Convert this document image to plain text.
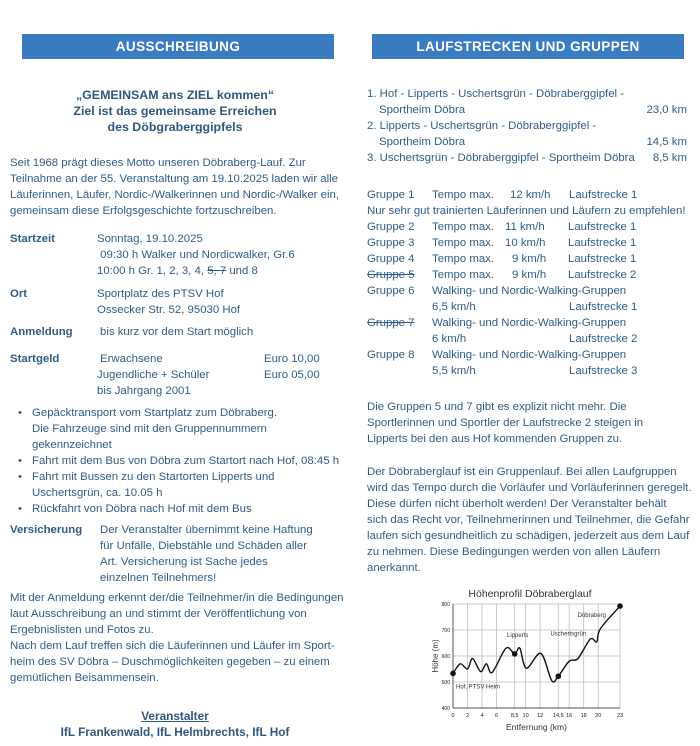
AUSSCHREIBUNG
„GEMEINSAM ans ZIEL kommen“
Ziel ist das gemeinsame Erreichen
des Döbgraberggipfels
Seit 1968 prägt dieses Motto unseren Döbraberg-Lauf. Zur
Teilnahme an der 55. Veranstaltung am 19.10.2025 laden wir alle
Läuferinnen, Läufer, Nordic-/Walkerinnen und Nordic-/Walker ein,
gemeinsam diese Erfolgsgeschichte fortzuschreiben.
Startzeit	Sonntag, 19.10.2025
09:30 h Walker und Nordicwalker, Gr.6
10:00 h Gr. 1, 2, 3, 4, 5, 7 und 8
Ort	Sportplatz des PTSV Hof
Ossecker Str. 52, 95030 Hof
Anmeldung bis kurz vor dem Start möglich
Startgeld	Erwachsene	Euro 10,00
Jugendliche + Schüler	Euro 05,00
bis Jahrgang 2001
• Gepäcktransport vom Startplatz zum Döbraberg.
Die Fahrzeuge sind mit den Gruppennummern
gekennzeichnet
• Fahrt mit dem Bus von Döbra zum Startort nach Hof, 08:45 h
• Fahrt mit Bussen zu den Startorten Lipperts und
Uschertsgrün, ca. 10.05 h
• Rückfahrt von Döbra nach Hof mit dem Bus
Versicherung Der Veranstalter übernimmt keine Haftung
für Unfälle, Diebstähle und Schäden aller
Art. Versicherung ist Sache jedes
einzelnen Teilnehmers!
Mit der Anmeldung erkennt der/die Teilnehmer/in die Bedingungen
laut Ausschreibung an und stimmt der Veröffentlichung von
Ergebnislisten und Fotos zu.
Nach dem Lauf treffen sich die Läuferinnen und Läufer im Sport-
heim des SV Döbra – Duschmöglichkeiten gegeben – zu einem
gemütlichen Beisammensein.
Veranstalter
IfL Frankenwald, IfL Helmbrechts, IfL Hof
LAUFSTRECKEN UND GRUPPEN
1. Hof - Lipperts - Uschertsgrün - Döbraberggipfel -
Sportheim Döbra	23,0 km
2. Lipperts - Uschertsgrün - Döbraberggipfel -
Sportheim Döbra	14,5 km
3. Uschertsgrün - Döbraberggipfel - Sportheim Döbra	8,5 km
Gruppe 1 Tempo max. 12 km/h Laufstrecke 1
Nur sehr gut trainierten Läuferinnen und Läufern zu empfehlen!
Gruppe 2 Tempo max. 11 km/h Laufstrecke 1
Gruppe 3 Tempo max. 10 km/h Laufstrecke 1
Gruppe 4 Tempo max. 9 km/h Laufstrecke 1
Gruppe 5 Tempo max. 9 km/h Laufstrecke 2
Gruppe 6 Walking- und Nordic-Walking-Gruppen
6,5 km/h	Laufstrecke 1
Gruppe 7 Walking- und Nordic-Walking-Gruppen
6 km/h	Laufstrecke 2
Gruppe 8 Walking- und Nordic-Walking-Gruppen
5,5 km/h	Laufstrecke 3
Die Gruppen 5 und 7 gibt es explizit nicht mehr. Die
Sportlerinnen und Sportler der Laufstrecke 2 steigen in
Lipperts bei den aus Hof kommenden Gruppen zu.
Der Döbraberglauf ist ein Gruppenlauf. Bei allen Laufgruppen
wird das Tempo durch die Vorläufer und Vorläuferinnen geregelt.
Diese dürfen nicht überholt werden! Der Veranstalter behält
sich das Recht vor, Teilnehmerinnen und Teilnehmer, die Gefahr
laufen sich gesundheitlich zu schädigen, jederzeit aus dem Lauf
zu nehmen. Diese Bedingungen werden von allen Läufern
anerkannt.
Höhenprofil Döbraberglauf
0 2 4 6 8,5 10 12 14,5 16 18 20	23
400
500
600
700
800
Hof, PTSV Heim
Lipperts	Uschertsgrün
Döbraberg
Entfernung (km)
Höhe (m)
